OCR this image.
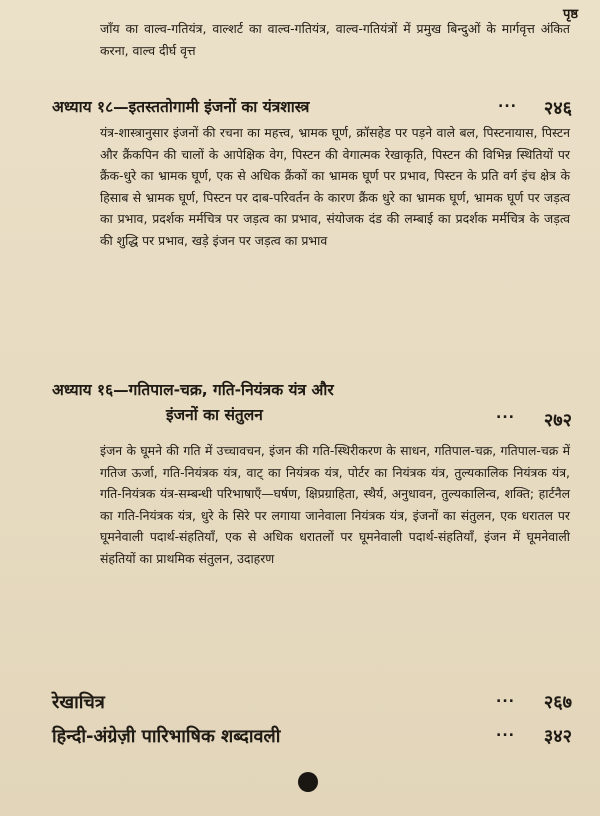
पृष्ठ
जाँय का वाल्व-गतियंत्र, वाल्शर्ट का वाल्व-गतियंत्र, वाल्व-गतियंत्रों में प्रमुख बिन्दुओं के मार्गवृत्त अंकित करना, वाल्व दीर्घ वृत्त
अध्याय १८—इतस्ततोगामी इंजनों का यंत्रशास्त्र	... २४६
यंत्र-शास्त्रानुसार इंजनों की रचना का महत्त्व, भ्रामक घूर्ण, क्रॉसहेड पर पड़ने वाले बल, पिस्टनायास, पिस्टन और क्रैंकपिन की चालों के आपेक्षिक वेग, पिस्टन की वेगात्मक रेखाकृति, पिस्टन की विभिन्न स्थितियों पर क्रैंक-धुरे का भ्रामक घूर्ण, एक से अधिक क्रैंकों का भ्रामक घूर्ण पर प्रभाव, पिस्टन के प्रति वर्ग इंच क्षेत्र के हिसाब से भ्रामक घूर्ण, पिस्टन पर दाब-परिवर्तन के कारण क्रैंक धुरे का भ्रामक घूर्ण, भ्रामक घूर्ण पर जड़त्व का प्रभाव, प्रदर्शक मर्मचित्र पर जड़त्व का प्रभाव, संयोजक दंड की लम्बाई का प्रदर्शक मर्मचित्र के जड़त्व की शुद्धि पर प्रभाव, खड़े इंजन पर जड़त्व का प्रभाव
अध्याय १६—गतिपाल-चक्र, गति-नियंत्रक यंत्र और
इंजनों का संतुलन	... २७२
इंजन के घूमने की गति में उच्चावचन, इंजन की गति-स्थिरीकरण के साधन, गतिपाल-चक्र, गतिपाल-चक्र में गतिज ऊर्जा, गति-नियंत्रक यंत्र, वाट् का नियंत्रक यंत्र, पोर्टर का नियंत्रक यंत्र, तुल्यकालिक नियंत्रक यंत्र, गति-नियंत्रक यंत्र-सम्बन्धी परिभाषाएँ—घर्षण, क्षिप्रग्राहिता, स्थैर्य, अनुधावन, तुल्यकालिन्व, शक्ति; हार्टनैल का गति-नियंत्रक यंत्र, धुरे के सिरे पर लगाया जानेवाला नियंत्रक यंत्र, इंजनों का संतुलन, एक धरातल पर घूमनेवाली पदार्थ-संहतियाँ, एक से अधिक धरातलों पर घूमनेवाली पदार्थ-संहतियाँ, इंजन में घूमनेवाली संहतियों का प्राथमिक संतुलन, उदाहरण
रेखाचित्र	... २६७
हिन्दी-अंग्रेज़ी पारिभाषिक शब्दावली	... ३४२
